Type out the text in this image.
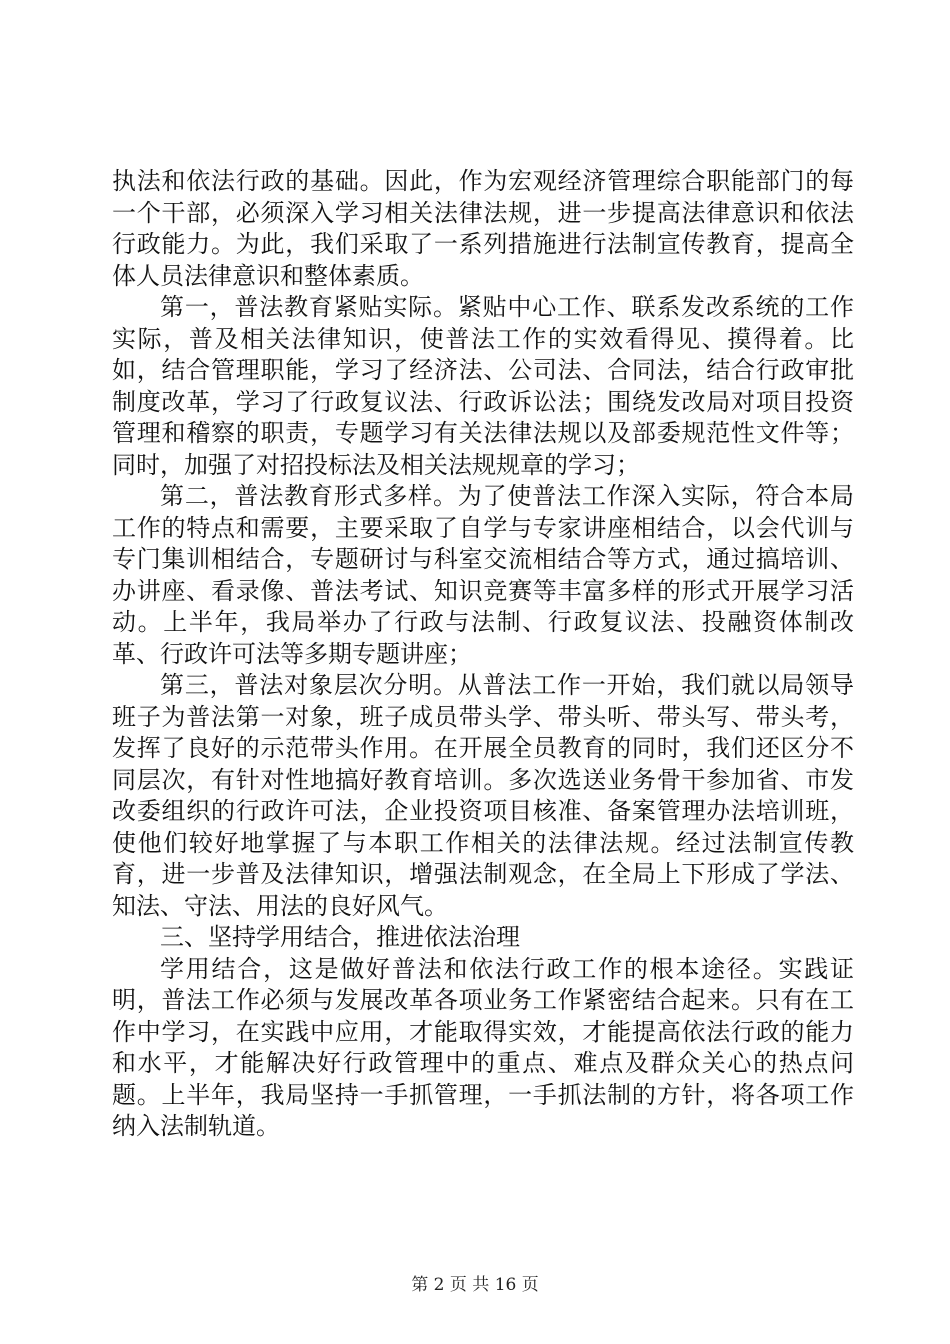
执法和依法行政的基础。因此，作为宏观经济管理综合职能部门的每一个干部，必须深入学习相关法律法规，进一步提高法律意识和依法行政能力。为此，我们采取了一系列措施进行法制宣传教育，提高全体人员法律意识和整体素质。

第一，普法教育紧贴实际。紧贴中心工作、联系发改系统的工作实际，普及相关法律知识，使普法工作的实效看得见、摸得着。比如，结合管理职能，学习了经济法、公司法、合同法，结合行政审批制度改革，学习了行政复议法、行政诉讼法；围绕发改局对项目投资管理和稽察的职责，专题学习有关法律法规以及部委规范性文件等；同时，加强了对招投标法及相关法规规章的学习；

第二，普法教育形式多样。为了使普法工作深入实际，符合本局工作的特点和需要，主要采取了自学与专家讲座相结合，以会代训与专门集训相结合，专题研讨与科室交流相结合等方式，通过搞培训、办讲座、看录像、普法考试、知识竞赛等丰富多样的形式开展学习活动。上半年，我局举办了行政与法制、行政复议法、投融资体制改革、行政许可法等多期专题讲座；

第三，普法对象层次分明。从普法工作一开始，我们就以局领导班子为普法第一对象，班子成员带头学、带头听、带头写、带头考，发挥了良好的示范带头作用。在开展全员教育的同时，我们还区分不同层次，有针对性地搞好教育培训。多次选送业务骨干参加省、市发改委组织的行政许可法，企业投资项目核准、备案管理办法培训班，使他们较好地掌握了与本职工作相关的法律法规。经过法制宣传教育，进一步普及法律知识，增强法制观念，在全局上下形成了学法、知法、守法、用法的良好风气。

三、坚持学用结合，推进依法治理

学用结合，这是做好普法和依法行政工作的根本途径。实践证明，普法工作必须与发展改革各项业务工作紧密结合起来。只有在工作中学习，在实践中应用，才能取得实效，才能提高依法行政的能力和水平，才能解决好行政管理中的重点、难点及群众关心的热点问题。上半年，我局坚持一手抓管理，一手抓法制的方针，将各项工作纳入法制轨道。

第 2 页 共 16 页
